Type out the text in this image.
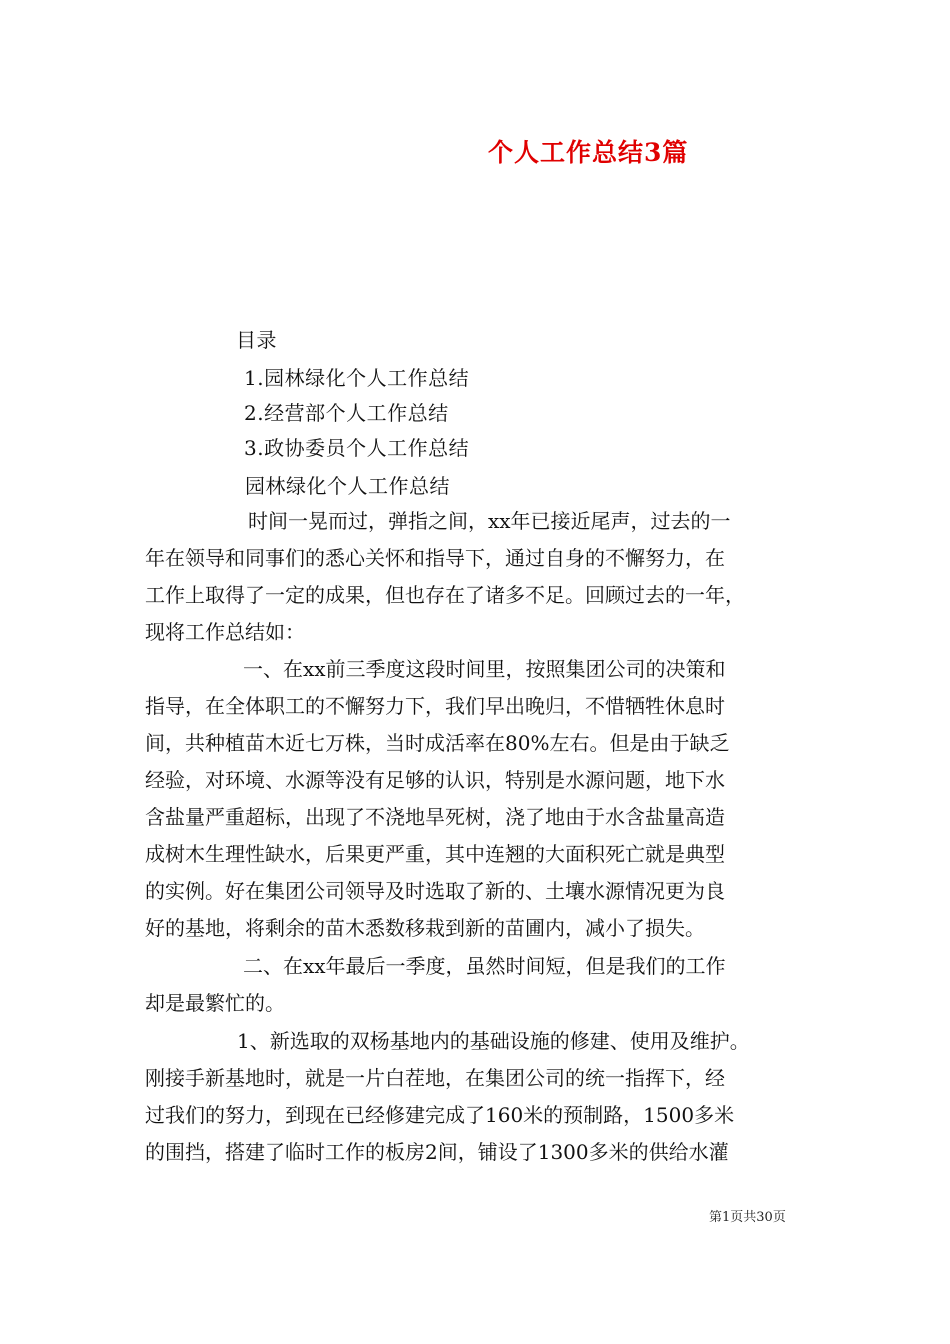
个人工作总结3篇
目录
1.园林绿化个人工作总结
2.经营部个人工作总结
3.政协委员个人工作总结
园林绿化个人工作总结
时间一晃而过，弹指之间，xx年已接近尾声，过去的一
年在领导和同事们的悉心关怀和指导下，通过自身的不懈努力，在
工作上取得了一定的成果，但也存在了诸多不足。回顾过去的一年，
现将工作总结如：
一、在xx前三季度这段时间里，按照集团公司的决策和
指导，在全体职工的不懈努力下，我们早出晚归，不惜牺牲休息时
间，共种植苗木近七万株，当时成活率在80%左右。但是由于缺乏
经验，对环境、水源等没有足够的认识，特别是水源问题，地下水
含盐量严重超标，出现了不浇地旱死树，浇了地由于水含盐量高造
成树木生理性缺水，后果更严重，其中连翘的大面积死亡就是典型
的实例。好在集团公司领导及时选取了新的、土壤水源情况更为良
好的基地，将剩余的苗木悉数移栽到新的苗圃内，减小了损失。
二、在xx年最后一季度，虽然时间短，但是我们的工作
却是最繁忙的。
1、新选取的双杨基地内的基础设施的修建、使用及维护。
刚接手新基地时，就是一片白茬地，在集团公司的统一指挥下，经
过我们的努力，到现在已经修建完成了160米的预制路，1500多米
的围挡，搭建了临时工作的板房2间，铺设了1300多米的供给水灌
第1页共30页
